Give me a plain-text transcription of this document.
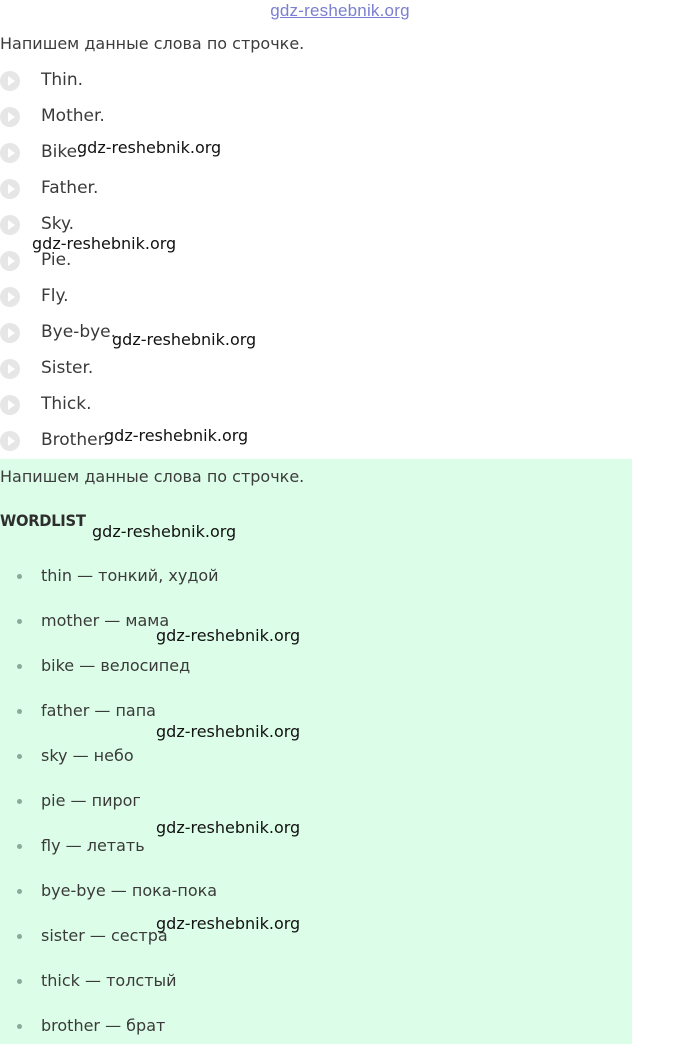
gdz-reshebnik.org
Напишем данные слова по строчке.
Thin.
Mother.
Bike.
Father.
Sky.
Pie.
Fly.
Bye-bye.
Sister.
Thick.
Brother.
Напишем данные слова по строчке.
WORDLIST
thin — тонкий, худой
mother — мама
bike — велосипед
father — папа
sky — небо
pie — пирог
fly — летать
bye-bye — пока-пока
sister — сестра
thick — толстый
brother — брат
gdz-reshebnik.org
gdz-reshebnik.org
gdz-reshebnik.org
gdz-reshebnik.org
gdz-reshebnik.org
gdz-reshebnik.org
gdz-reshebnik.org
gdz-reshebnik.org
gdz-reshebnik.org
